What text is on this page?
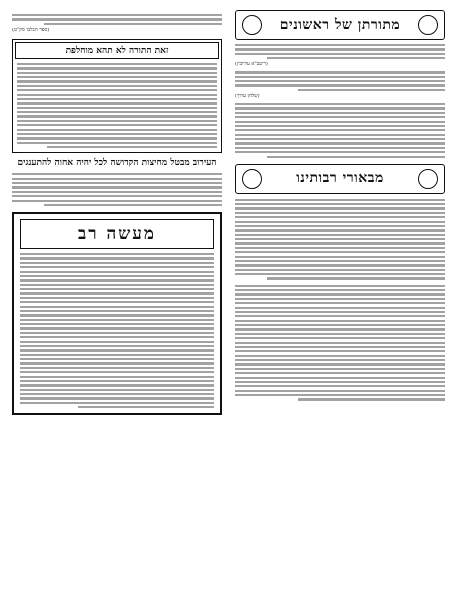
מתורתן של ראשונים
(ריטב"א עירובין)
(שלחן ערוך)
מבאורי רבותינו
(ספר הכלבו סק"ט)
זאת התורה לא תהא מוחלפת
העירוב מבטל מחיצות הקדושה לכל יהיה אחוה להתענגים
מעשה רב
